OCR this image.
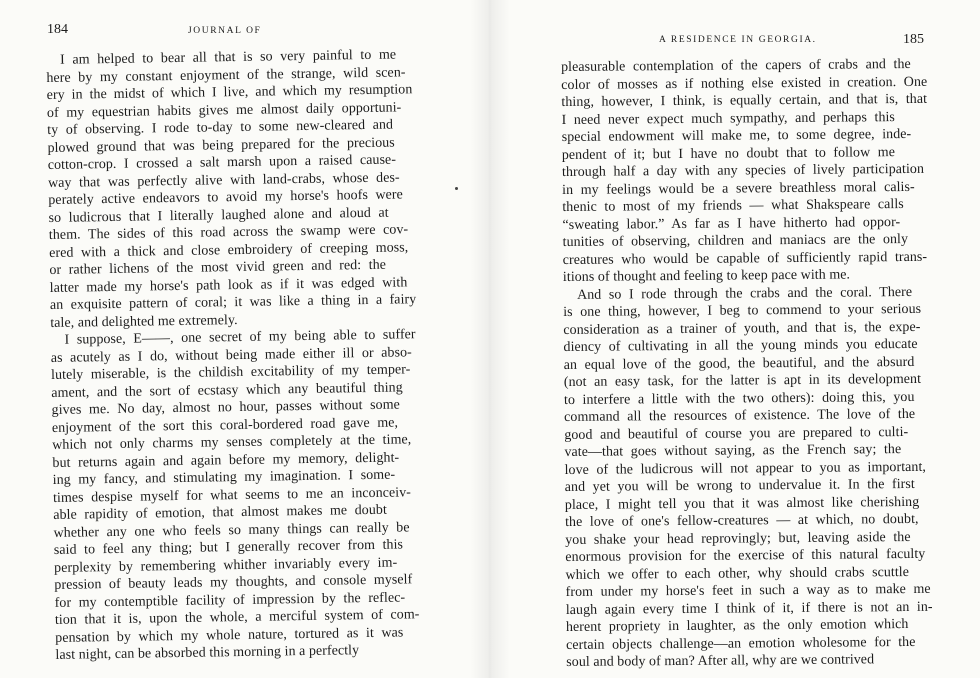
184	JOURNAL OF
I am helped to bear all that is so very painful to me
here by my constant enjoyment of the strange, wild scen-
ery in the midst of which I live, and which my resumption
of my equestrian habits gives me almost daily opportuni-
ty of observing. I rode to-day to some new-cleared and
plowed ground that was being prepared for the precious
cotton-crop. I crossed a salt marsh upon a raised cause-
way that was perfectly alive with land-crabs, whose des-
perately active endeavors to avoid my horse's hoofs were
so ludicrous that I literally laughed alone and aloud at
them. The sides of this road across the swamp were cov-
ered with a thick and close embroidery of creeping moss,
or rather lichens of the most vivid green and red: the
latter made my horse's path look as if it was edged with
an exquisite pattern of coral; it was like a thing in a fairy
tale, and delighted me extremely.
I suppose, E——, one secret of my being able to suffer
as acutely as I do, without being made either ill or abso-
lutely miserable, is the childish excitability of my temper-
ament, and the sort of ecstasy which any beautiful thing
gives me. No day, almost no hour, passes without some
enjoyment of the sort this coral-bordered road gave me,
which not only charms my senses completely at the time,
but returns again and again before my memory, delight-
ing my fancy, and stimulating my imagination. I some-
times despise myself for what seems to me an inconceiv-
able rapidity of emotion, that almost makes me doubt
whether any one who feels so many things can really be
said to feel any thing; but I generally recover from this
perplexity by remembering whither invariably every im-
pression of beauty leads my thoughts, and console myself
for my contemptible facility of impression by the reflec-
tion that it is, upon the whole, a merciful system of com-
pensation by which my whole nature, tortured as it was
last night, can be absorbed this morning in a perfectly
A RESIDENCE IN GEORGIA.	185
pleasurable contemplation of the capers of crabs and the
color of mosses as if nothing else existed in creation. One
thing, however, I think, is equally certain, and that is, that
I need never expect much sympathy, and perhaps this
special endowment will make me, to some degree, inde-
pendent of it; but I have no doubt that to follow me
through half a day with any species of lively participation
in my feelings would be a severe breathless moral calis-
thenic to most of my friends — what Shakspeare calls
“sweating labor.” As far as I have hitherto had oppor-
tunities of observing, children and maniacs are the only
creatures who would be capable of sufficiently rapid trans-
itions of thought and feeling to keep pace with me.
And so I rode through the crabs and the coral. There
is one thing, however, I beg to commend to your serious
consideration as a trainer of youth, and that is, the expe-
diency of cultivating in all the young minds you educate
an equal love of the good, the beautiful, and the absurd
(not an easy task, for the latter is apt in its development
to interfere a little with the two others): doing this, you
command all the resources of existence. The love of the
good and beautiful of course you are prepared to culti-
vate—that goes without saying, as the French say; the
love of the ludicrous will not appear to you as important,
and yet you will be wrong to undervalue it. In the first
place, I might tell you that it was almost like cherishing
the love of one's fellow-creatures — at which, no doubt,
you shake your head reprovingly; but, leaving aside the
enormous provision for the exercise of this natural faculty
which we offer to each other, why should crabs scuttle
from under my horse's feet in such a way as to make me
laugh again every time I think of it, if there is not an in-
herent propriety in laughter, as the only emotion which
certain objects challenge—an emotion wholesome for the
soul and body of man? After all, why are we contrived
